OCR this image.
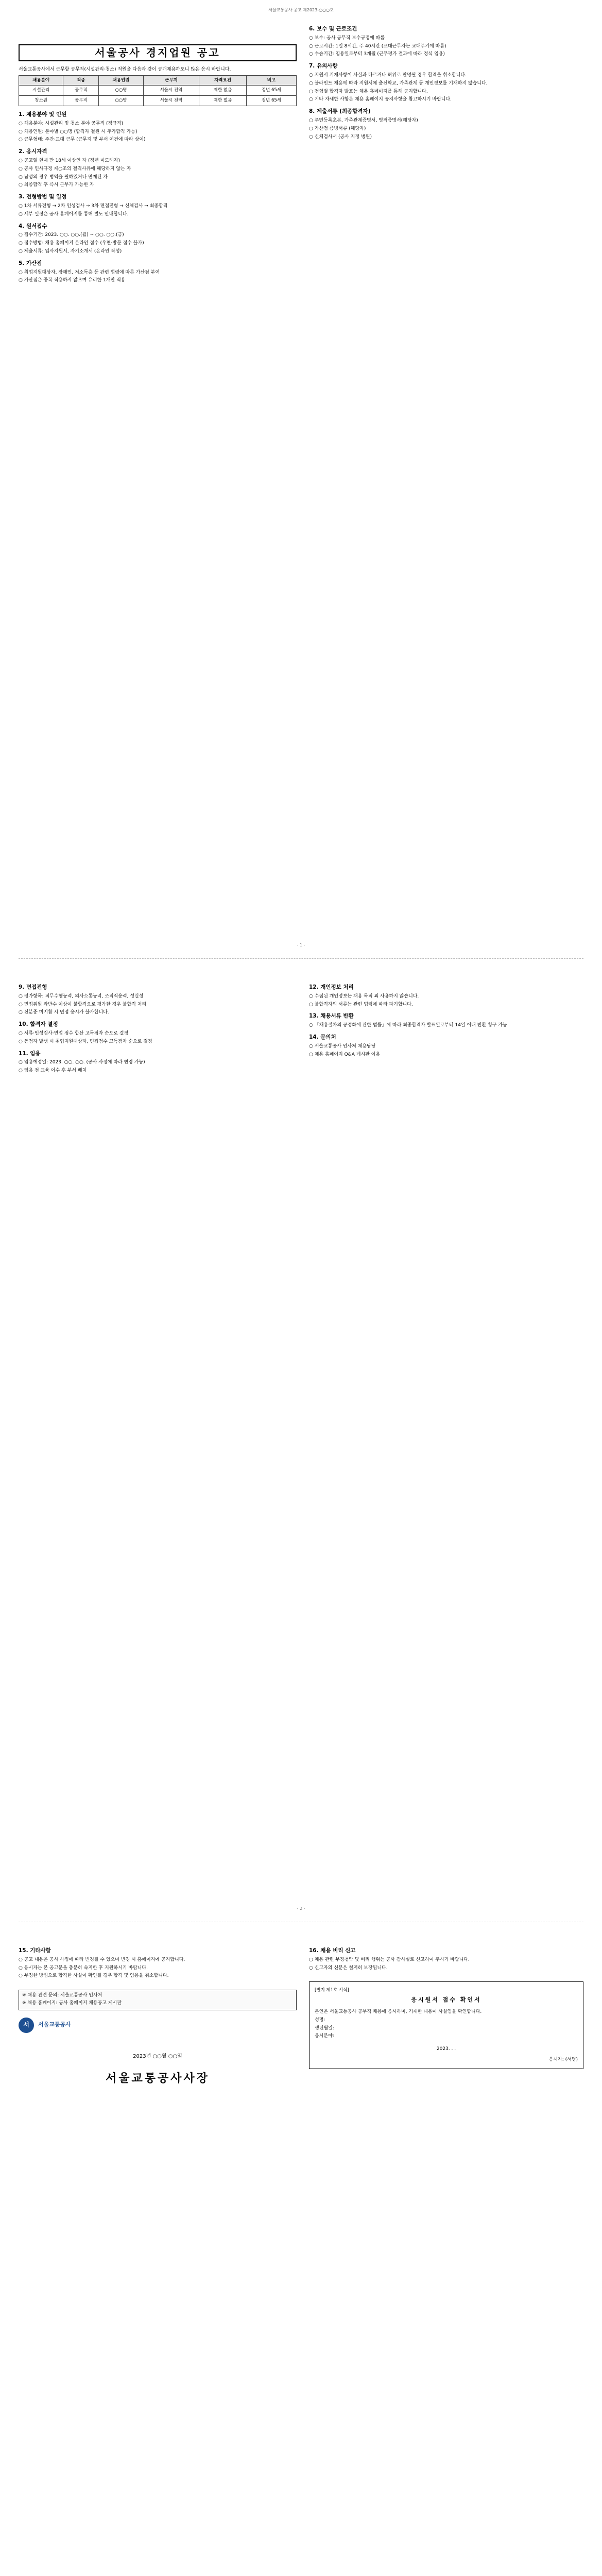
서울교통공사 공고 제2023-○○○호
서울공사 경지업원 공고

서울교통공사에서 근무할 공무직(시설관리·청소) 직원을 다음과 같이 공개채용하오니 많은 응시 바랍니다.

채용분야	직종	채용인원	근무지	자격요건	비고
시설관리	공무직	○○명	서울시 전역	제한 없음	정년 65세
청소원	공무직	○○명	서울시 전역	제한 없음	정년 65세
1. 채용분야 및 인원

○ 채용분야: 시설관리 및 청소 분야 공무직 (정규직)

○ 채용인원: 분야별 ○○명 (합격자 결원 시 추가합격 가능)

○ 근무형태: 주간·교대 근무 (근무지 및 부서 여건에 따라 상이)

2. 응시자격

○ 공고일 현재 만 18세 이상인 자 (정년 미도래자)

○ 공사 인사규정 제○조의 결격사유에 해당하지 않는 자

○ 남성의 경우 병역을 필하였거나 면제된 자

○ 최종합격 후 즉시 근무가 가능한 자

3. 전형방법 및 일정

○ 1차 서류전형 → 2차 인성검사 → 3차 면접전형 → 신체검사 → 최종합격

○ 세부 일정은 공사 홈페이지를 통해 별도 안내합니다.

4. 원서접수

○ 접수기간: 2023. ○○. ○○.(월) ~ ○○. ○○.(금)

○ 접수방법: 채용 홈페이지 온라인 접수 (우편·방문 접수 불가)

○ 제출서류: 입사지원서, 자기소개서 (온라인 작성)

5. 가산점

○ 취업지원대상자, 장애인, 저소득층 등 관련 법령에 따른 가산점 부여

○ 가산점은 중복 적용하지 않으며 유리한 1개만 적용

6. 보수 및 근로조건

○ 보수: 공사 공무직 보수규정에 따름

○ 근로시간: 1일 8시간, 주 40시간 (교대근무자는 교대주기에 따름)

○ 수습기간: 임용일로부터 3개월 (근무평가 결과에 따라 정식 임용)

7. 유의사항

○ 지원서 기재사항이 사실과 다르거나 허위로 판명될 경우 합격을 취소합니다.

○ 블라인드 채용에 따라 지원서에 출신학교, 가족관계 등 개인정보를 기재하지 않습니다.

○ 전형별 합격자 발표는 채용 홈페이지를 통해 공지합니다.

○ 기타 자세한 사항은 채용 홈페이지 공지사항을 참고하시기 바랍니다.

8. 제출서류 (최종합격자)

○ 주민등록초본, 가족관계증명서, 병적증명서(해당자)

○ 가산점 증빙서류 (해당자)

○ 신체검사서 (공사 지정 병원)

- 1 -
9. 면접전형

○ 평가항목: 직무수행능력, 의사소통능력, 조직적응력, 성실성

○ 면접위원 과반수 이상이 불합격으로 평가한 경우 불합격 처리

○ 신분증 미지참 시 면접 응시가 불가합니다.

10. 합격자 결정

○ 서류·인성검사·면접 점수 합산 고득점자 순으로 결정

○ 동점자 발생 시 취업지원대상자, 면접점수 고득점자 순으로 결정

11. 임용

○ 임용예정일: 2023. ○○. ○○. (공사 사정에 따라 변경 가능)

○ 임용 전 교육 이수 후 부서 배치

12. 개인정보 처리

○ 수집된 개인정보는 채용 목적 외 사용하지 않습니다.

○ 불합격자의 서류는 관련 법령에 따라 파기합니다.

13. 채용서류 반환

○ 「채용절차의 공정화에 관한 법률」에 따라 최종합격자 발표일로부터 14일 이내 반환 청구 가능

14. 문의처

○ 서울교통공사 인사처 채용담당

○ 채용 홈페이지 Q&A 게시판 이용

- 2 -
15. 기타사항

○ 공고 내용은 공사 사정에 따라 변경될 수 있으며 변경 시 홈페이지에 공지합니다.

○ 응시자는 본 공고문을 충분히 숙지한 후 지원하시기 바랍니다.

○ 부정한 방법으로 합격한 사실이 확인될 경우 합격 및 임용을 취소합니다.

※ 채용 관련 문의: 서울교통공사 인사처

※ 채용 홈페이지: 공사 홈페이지 채용공고 게시판

서	서울교통공사
2023년 ○○월 ○○일
서울교통공사사장
16. 채용 비리 신고

○ 채용 관련 부정청탁 및 비리 행위는 공사 감사실로 신고하여 주시기 바랍니다.

○ 신고자의 신분은 철저히 보장됩니다.

[별지 제1호 서식]
응시원서 접수 확인서

본인은 서울교통공사 공무직 채용에 응시하며, 기재한 내용이 사실임을 확인합니다.

성명:

생년월일:

응시분야:

2023. . .
응시자: (서명)
